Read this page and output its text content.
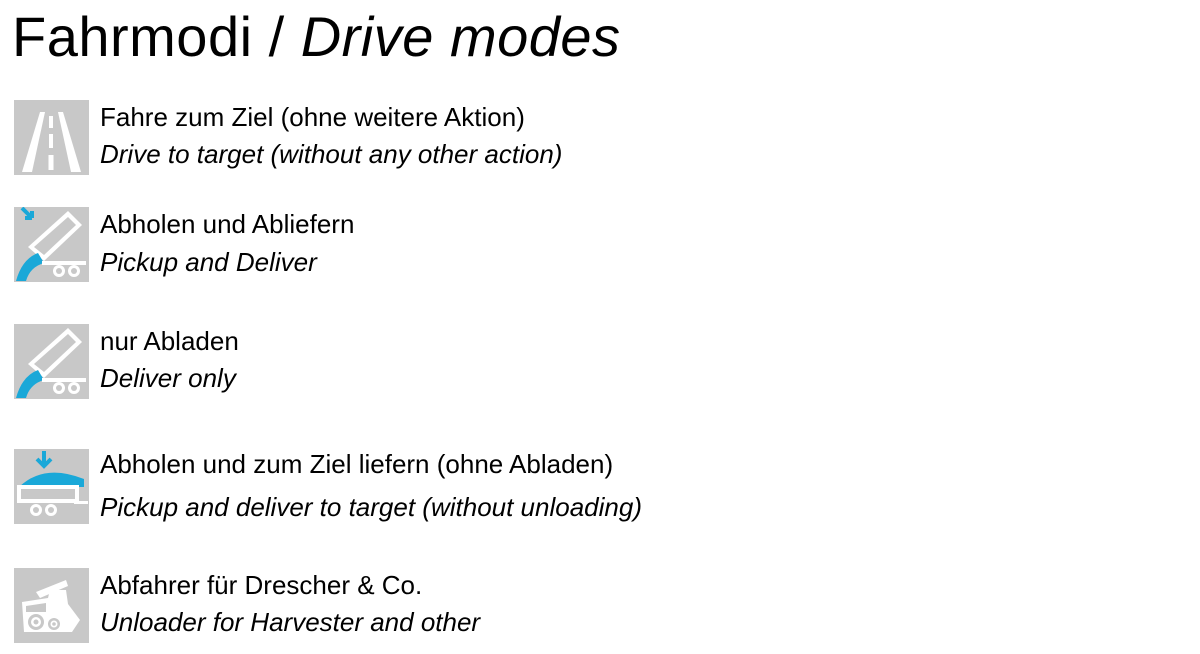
Fahrmodi / Drive modes
Fahre zum Ziel (ohne weitere Aktion)
Drive to target (without any other action)
Abholen und Abliefern
Pickup and Deliver
nur Abladen
Deliver only
Abholen und zum Ziel liefern (ohne Abladen)
Pickup and deliver to target (without unloading)
Abfahrer für Drescher & Co.
Unloader for Harvester and other
